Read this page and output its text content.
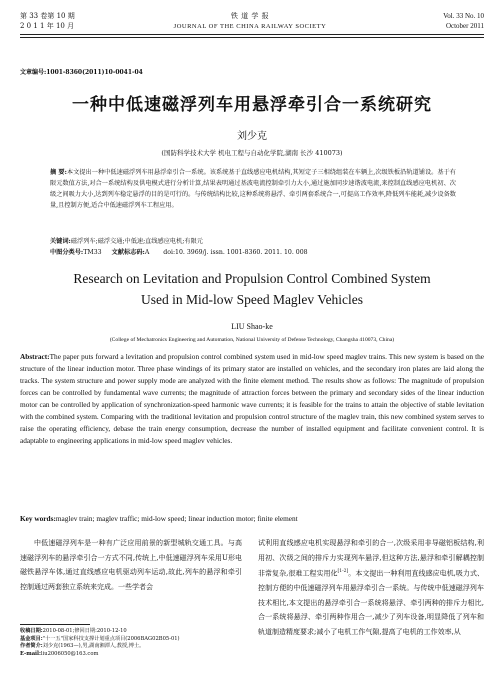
第 33 卷第 10 期
2 0 1 1 年 10 月
铁 道 学 报
JOURNAL OF THE CHINA RAILWAY SOCIETY
Vol. 33 No. 10
October 2011
文章编号:1001-8360(2011)10-0041-04
一种中低速磁浮列车用悬浮牵引合一系统研究
刘少克
(国防科学技术大学 机电工程与自动化学院,湖南 长沙 410073)
摘 要:本文提出一种中低速磁浮列车用悬浮牵引合一系统。该系统基于直线感应电机结构,其短定子三相绕组装在车辆上,次级铁板沿轨道铺设。基于有限元数值方法,对合一系统结构及供电模式进行分析计算,结果表明通过基波电流控制牵引力大小,通过施加同步速谐波电流,来控制直线感应电机初、次级之间吸力大小,达到列车稳定悬浮的目的是可行的。与传统结构比较,这种系统将悬浮、牵引两套系统合一,可提高工作效率,降低列车能耗,减少设备数量,且控制方便,适合中低速磁浮列车工程应用。
关键词:磁浮列车;磁浮交通;中低速;直线感应电机;有限元
中图分类号:TM33 文献标志码:A doi:10. 3969/j. issn. 1001-8360. 2011. 10. 008
Research on Levitation and Propulsion Control Combined System
Used in Mid-low Speed Maglev Vehicles
LIU Shao-ke
(College of Mechatronics Engineering and Automation, National University of Defense Technology, Changsha 410073, China)
Abstract:The paper puts forward a levitation and propulsion control combined system used in mid-low speed maglev trains. This new system is based on the structure of the linear induction motor. Three phase windings of its primary stator are installed on vehicles, and the secondary iron plates are laid along the tracks. The system structure and power supply mode are analyzed with the finite element method. The results show as follows: The magnitude of propulsion forces can be controlled by fundamental wave currents; the magnitude of attraction forces between the primary and secondary sides of the linear induction motor can be controlled by application of synchronization-speed harmonic wave currents; it is feasible for the trains to attain the objective of stable levitation with the combined system. Comparing with the traditional levitation and propulsion control structure of the maglev train, this new combined system serves to raise the operating efficiency, debase the train energy consumption, decrease the number of installed equipment and facilitate convenient control. It is adaptable to engineering applications in mid-low speed maglev vehicles.
Key words:maglev train; maglev traffic; mid-low speed; linear induction motor; finite element
中低速磁浮列车是一种有广泛应用前景的新型城轨交通工具。与高速磁浮列车的悬浮牵引合一方式不同,传统上,中低速磁浮列车采用U形电磁铁悬浮车体,通过直线感应电机驱动列车运动,故此,列车的悬浮和牵引控制通过两套独立系统来完成。一些学者会
收稿日期:2010-08-01;修回日期:2010-12-10
基金项目:"十一五"国家科技支撑计划重点项目(2006BAG02B05-01)
作者简介:刘少克(1963—),男,湖南湘潭人,教授,博士。
E-mail:liu2006050@163.com
试利用直线感应电机实现悬浮和牵引的合一,次级采用非导磁铝板结构,利用初、次级之间的排斥力实现列车悬浮,但这种方法,悬浮和牵引解耦控制非常复杂,很难工程实用化[1-2]。本文提出一种利用直线感应电机,吸力式、控制方便的中低速磁浮列车用悬浮牵引合一系统。与传统中低速磁浮列车技术相比,本文提出的悬浮牵引合一系统将悬浮、牵引两种的排斥力相比,合一系统将悬浮、牵引两种作用合一,减少了列车设备,明显降低了列车和轨道制造精度要求;减小了电机工作气隙,提高了电机的工作效率,从
